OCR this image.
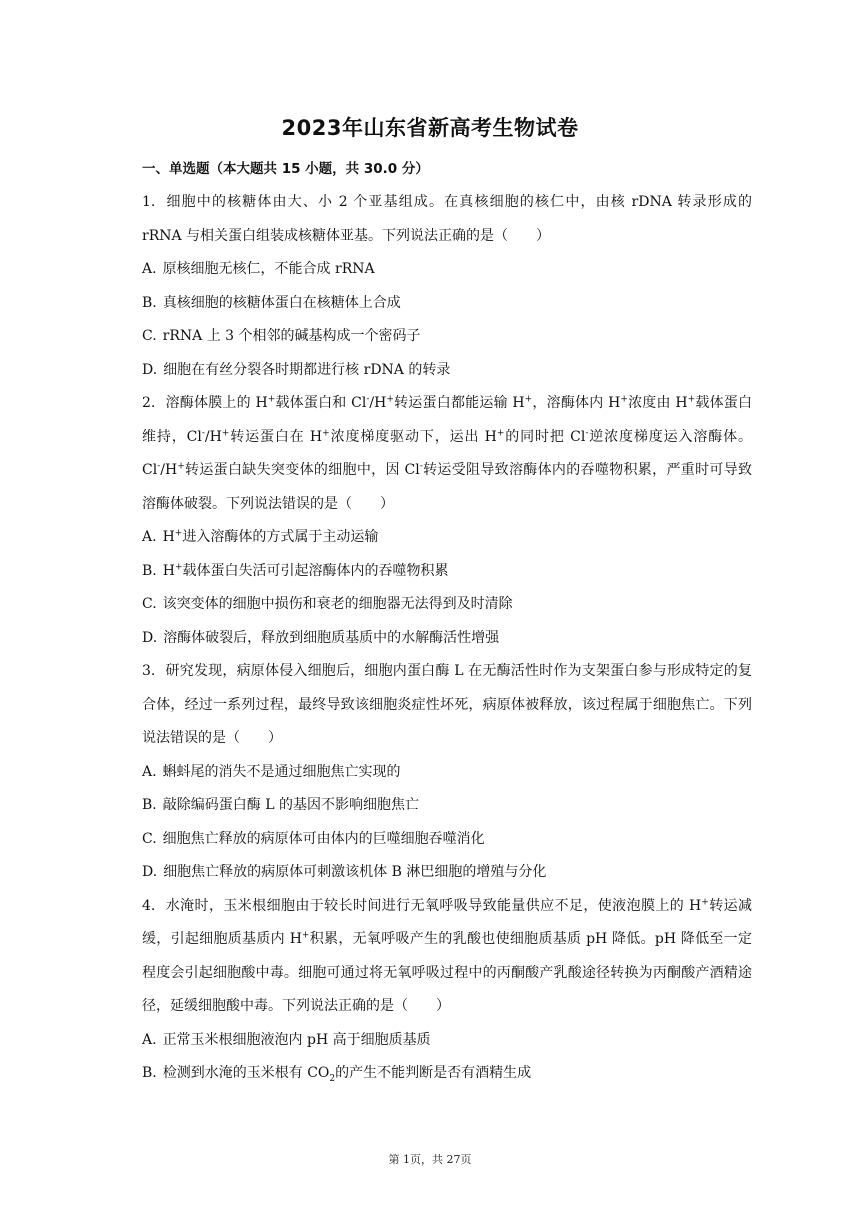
2023年山东省新高考生物试卷
一、单选题（本大题共 15 小题，共 30.0 分）

1. 细胞中的核糖体由大、小 2 个亚基组成。在真核细胞的核仁中，由核 rDNA 转录形成的 rRNA 与相关蛋白组装成核糖体亚基。下列说法正确的是（　　）

A. 原核细胞无核仁，不能合成 rRNA

B. 真核细胞的核糖体蛋白在核糖体上合成

C. rRNA 上 3 个相邻的碱基构成一个密码子

D. 细胞在有丝分裂各时期都进行核 rDNA 的转录

2. 溶酶体膜上的 H+载体蛋白和 Cl-/H+转运蛋白都能运输 H+，溶酶体内 H+浓度由 H+载体蛋白维持，Cl-/H+转运蛋白在 H+浓度梯度驱动下，运出 H+的同时把 Cl-逆浓度梯度运入溶酶体。Cl-/H+转运蛋白缺失突变体的细胞中，因 Cl-转运受阻导致溶酶体内的吞噬物积累，严重时可导致溶酶体破裂。下列说法错误的是（　　）

A. H+进入溶酶体的方式属于主动运输

B. H+载体蛋白失活可引起溶酶体内的吞噬物积累

C. 该突变体的细胞中损伤和衰老的细胞器无法得到及时清除

D. 溶酶体破裂后，释放到细胞质基质中的水解酶活性增强

3. 研究发现，病原体侵入细胞后，细胞内蛋白酶 L 在无酶活性时作为支架蛋白参与形成特定的复合体，经过一系列过程，最终导致该细胞炎症性坏死，病原体被释放，该过程属于细胞焦亡。下列说法错误的是（　　）

A. 蝌蚪尾的消失不是通过细胞焦亡实现的

B. 敲除编码蛋白酶 L 的基因不影响细胞焦亡

C. 细胞焦亡释放的病原体可由体内的巨噬细胞吞噬消化

D. 细胞焦亡释放的病原体可刺激该机体 B 淋巴细胞的增殖与分化

4. 水淹时，玉米根细胞由于较长时间进行无氧呼吸导致能量供应不足，使液泡膜上的 H+转运减缓，引起细胞质基质内 H+积累，无氧呼吸产生的乳酸也使细胞质基质 pH 降低。pH 降低至一定程度会引起细胞酸中毒。细胞可通过将无氧呼吸过程中的丙酮酸产乳酸途径转换为丙酮酸产酒精途径，延缓细胞酸中毒。下列说法正确的是（　　）

A. 正常玉米根细胞液泡内 pH 高于细胞质基质

B. 检测到水淹的玉米根有 $CO_2$的产生不能判断是否有酒精生成

第 1页，共 27页
